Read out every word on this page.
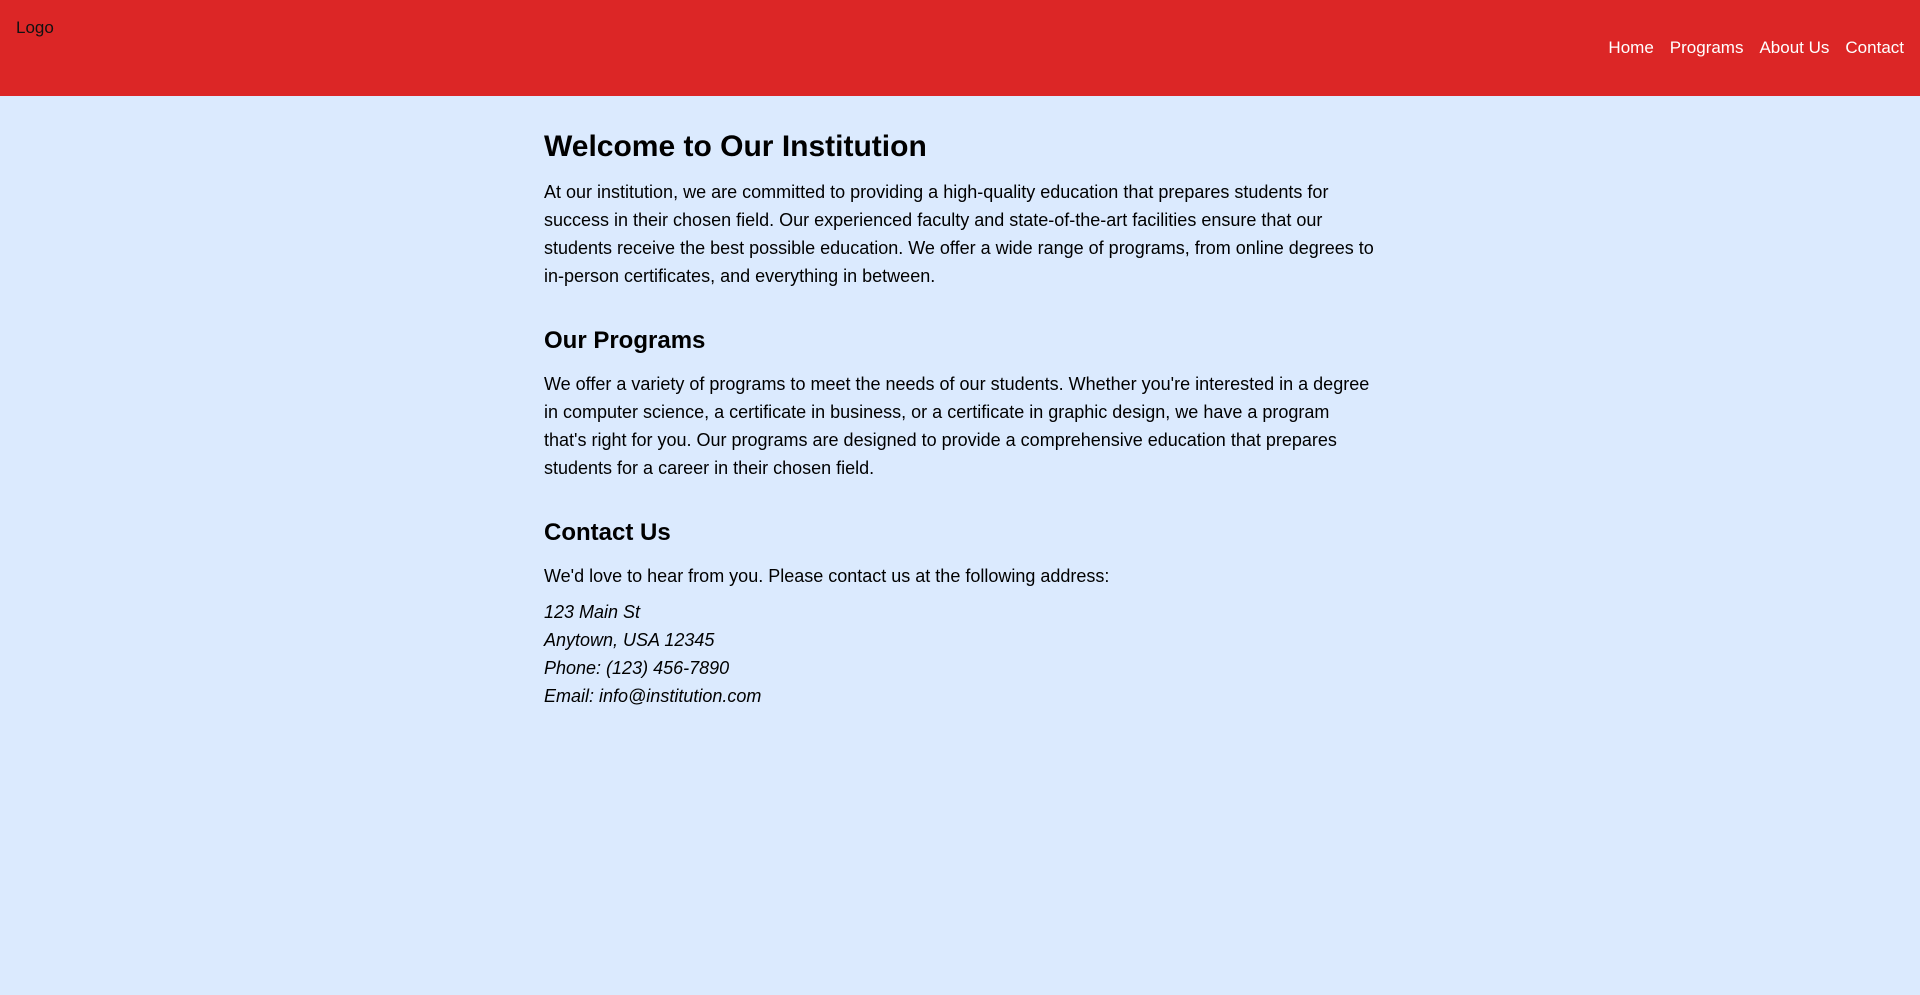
Logo
Home Programs About Us Contact
Welcome to Our Institution

At our institution, we are committed to providing a high-quality education that prepares students for success in their chosen field. Our experienced faculty and state-of-the-art facilities ensure that our students receive the best possible education. We offer a wide range of programs, from online degrees to in-person certificates, and everything in between.

Our Programs

We offer a variety of programs to meet the needs of our students. Whether you're interested in a degree in computer science, a certificate in business, or a certificate in graphic design, we have a program that's right for you. Our programs are designed to provide a comprehensive education that prepares students for a career in their chosen field.

Contact Us

We'd love to hear from you. Please contact us at the following address:

123 Main St
Anytown, USA 12345
Phone: (123) 456-7890
Email: info@institution.com
